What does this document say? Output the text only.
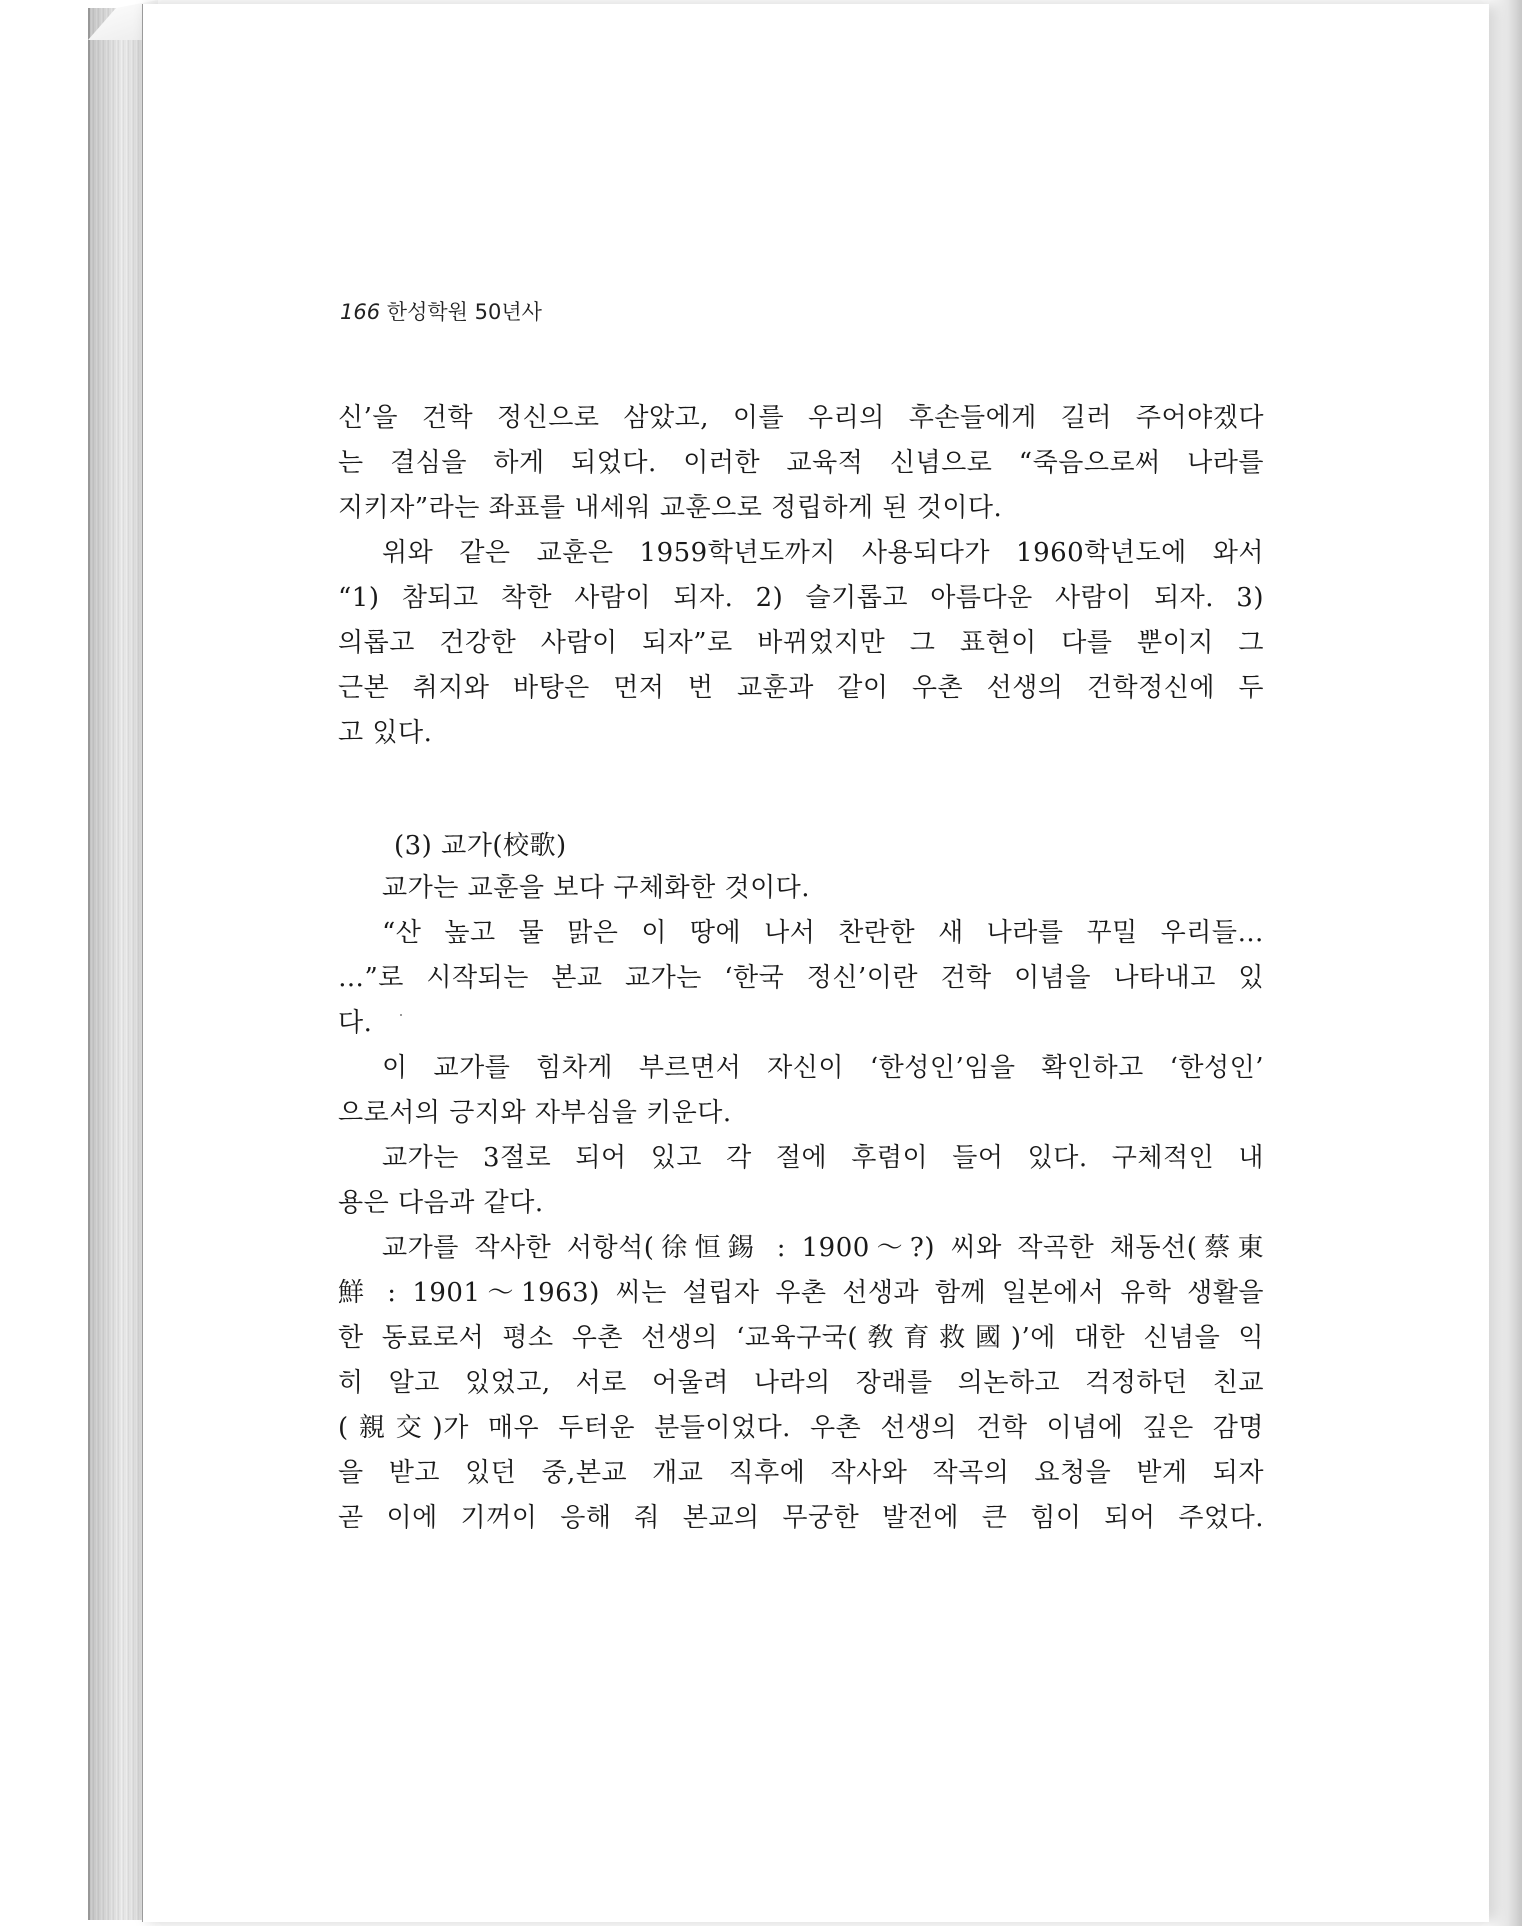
166 한성학원 50년사
신’을 건학 정신으로 삼았고, 이를 우리의 후손들에게 길러 주어야겠다
는 결심을 하게 되었다. 이러한 교육적 신념으로 “죽음으로써 나라를
지키자”라는 좌표를 내세워 교훈으로 정립하게 된 것이다.
위와 같은 교훈은 1959학년도까지 사용되다가 1960학년도에 와서
“1) 참되고 착한 사람이 되자. 2) 슬기롭고 아름다운 사람이 되자. 3)
의롭고 건강한 사람이 되자”로 바뀌었지만 그 표현이 다를 뿐이지 그
근본 취지와 바탕은 먼저 번 교훈과 같이 우촌 선생의 건학정신에 두
고 있다.
(3) 교가(校歌)
교가는 교훈을 보다 구체화한 것이다.
“산 높고 물 맑은 이 땅에 나서 찬란한 새 나라를 꾸밀 우리들…
…”로 시작되는 본교 교가는 ‘한국 정신’이란 건학 이념을 나타내고 있
다.
이 교가를 힘차게 부르면서 자신이 ‘한성인’임을 확인하고 ‘한성인’
으로서의 긍지와 자부심을 키운다.
교가는 3절로 되어 있고 각 절에 후렴이 들어 있다. 구체적인 내
용은 다음과 같다.
교가를 작사한 서항석(徐恒錫 : 1900～?) 씨와 작곡한 채동선(蔡東
鮮 : 1901～1963) 씨는 설립자 우촌 선생과 함께 일본에서 유학 생활을
한 동료로서 평소 우촌 선생의 ‘교육구국(敎育救國)’에 대한 신념을 익
히 알고 있었고, 서로 어울려 나라의 장래를 의논하고 걱정하던 친교
(親交)가 매우 두터운 분들이었다. 우촌 선생의 건학 이념에 깊은 감명
을 받고 있던 중,본교 개교 직후에 작사와 작곡의 요청을 받게 되자
곧 이에 기꺼이 응해 줘 본교의 무궁한 발전에 큰 힘이 되어 주었다.
